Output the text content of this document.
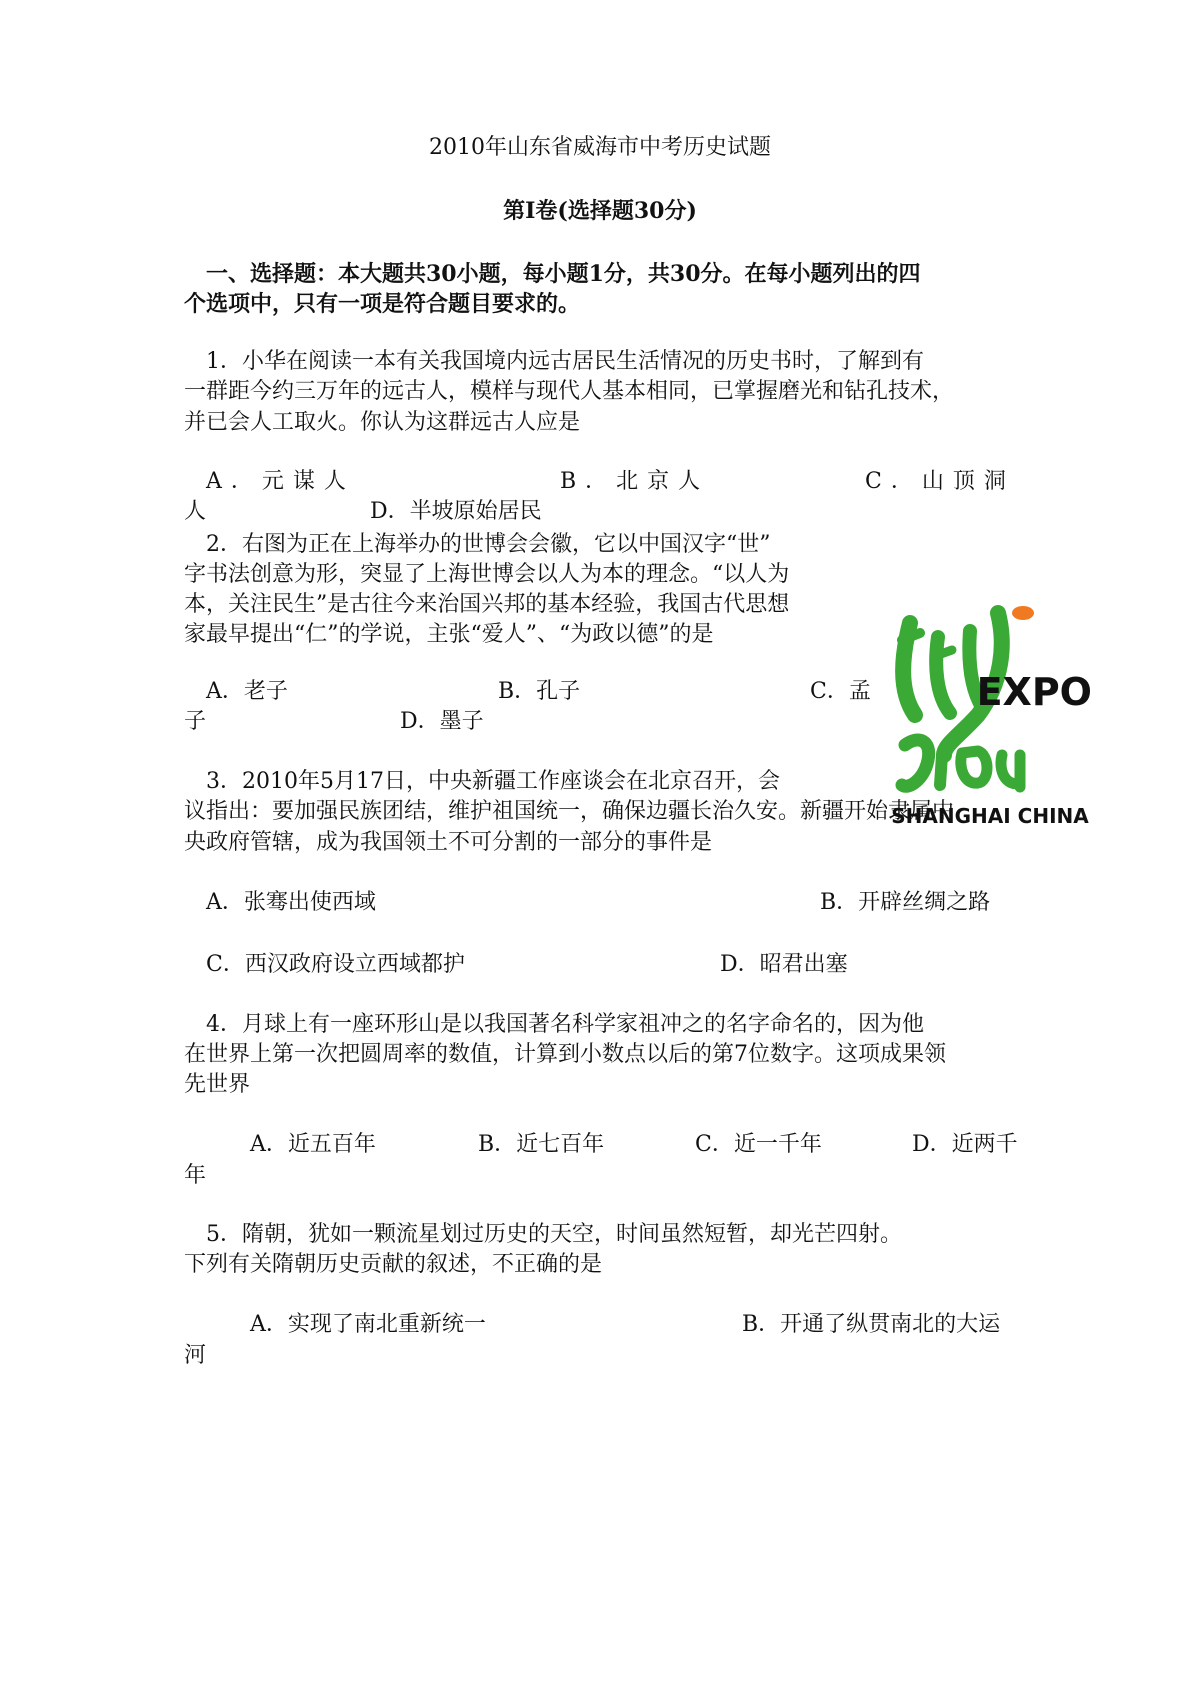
2010年山东省威海市中考历史试题
第Ⅰ卷(选择题30分)
一、选择题：本大题共30小题，每小题1分，共30分。在每小题列出的四
个选项中，只有一项是符合题目要求的。
1．小华在阅读一本有关我国境内远古居民生活情况的历史书时，了解到有
一群距今约三万年的远古人，模样与现代人基本相同，已掌握磨光和钻孔技术，
并已会人工取火。你认为这群远古人应是
A．元谋人	B．北京人	C．山顶洞
人	D．半坡原始居民
2．右图为正在上海举办的世博会会徽，它以中国汉字“世”
字书法创意为形，突显了上海世博会以人为本的理念。“以人为
本，关注民生”是古往今来治国兴邦的基本经验，我国古代思想
家最早提出“仁”的学说，主张“爱人”、“为政以德”的是
A．老子	B．孔子	C．孟
子	D．墨子
EXPO
SHANGHAI CHINA
3．2010年5月17日，中央新疆工作座谈会在北京召开，会
议指出：要加强民族团结，维护祖国统一，确保边疆长治久安。新疆开始隶属中
央政府管辖，成为我国领土不可分割的一部分的事件是
A．张骞出使西域	B．开辟丝绸之路
C．西汉政府设立西域都护	D．昭君出塞
4．月球上有一座环形山是以我国著名科学家祖冲之的名字命名的，因为他
在世界上第一次把圆周率的数值，计算到小数点以后的第7位数字。这项成果领
先世界
A．近五百年	B．近七百年	C．近一千年	D．近两千
年
5．隋朝，犹如一颗流星划过历史的天空，时间虽然短暂，却光芒四射。
下列有关隋朝历史贡献的叙述，不正确的是
A．实现了南北重新统一	B．开通了纵贯南北的大运
河
